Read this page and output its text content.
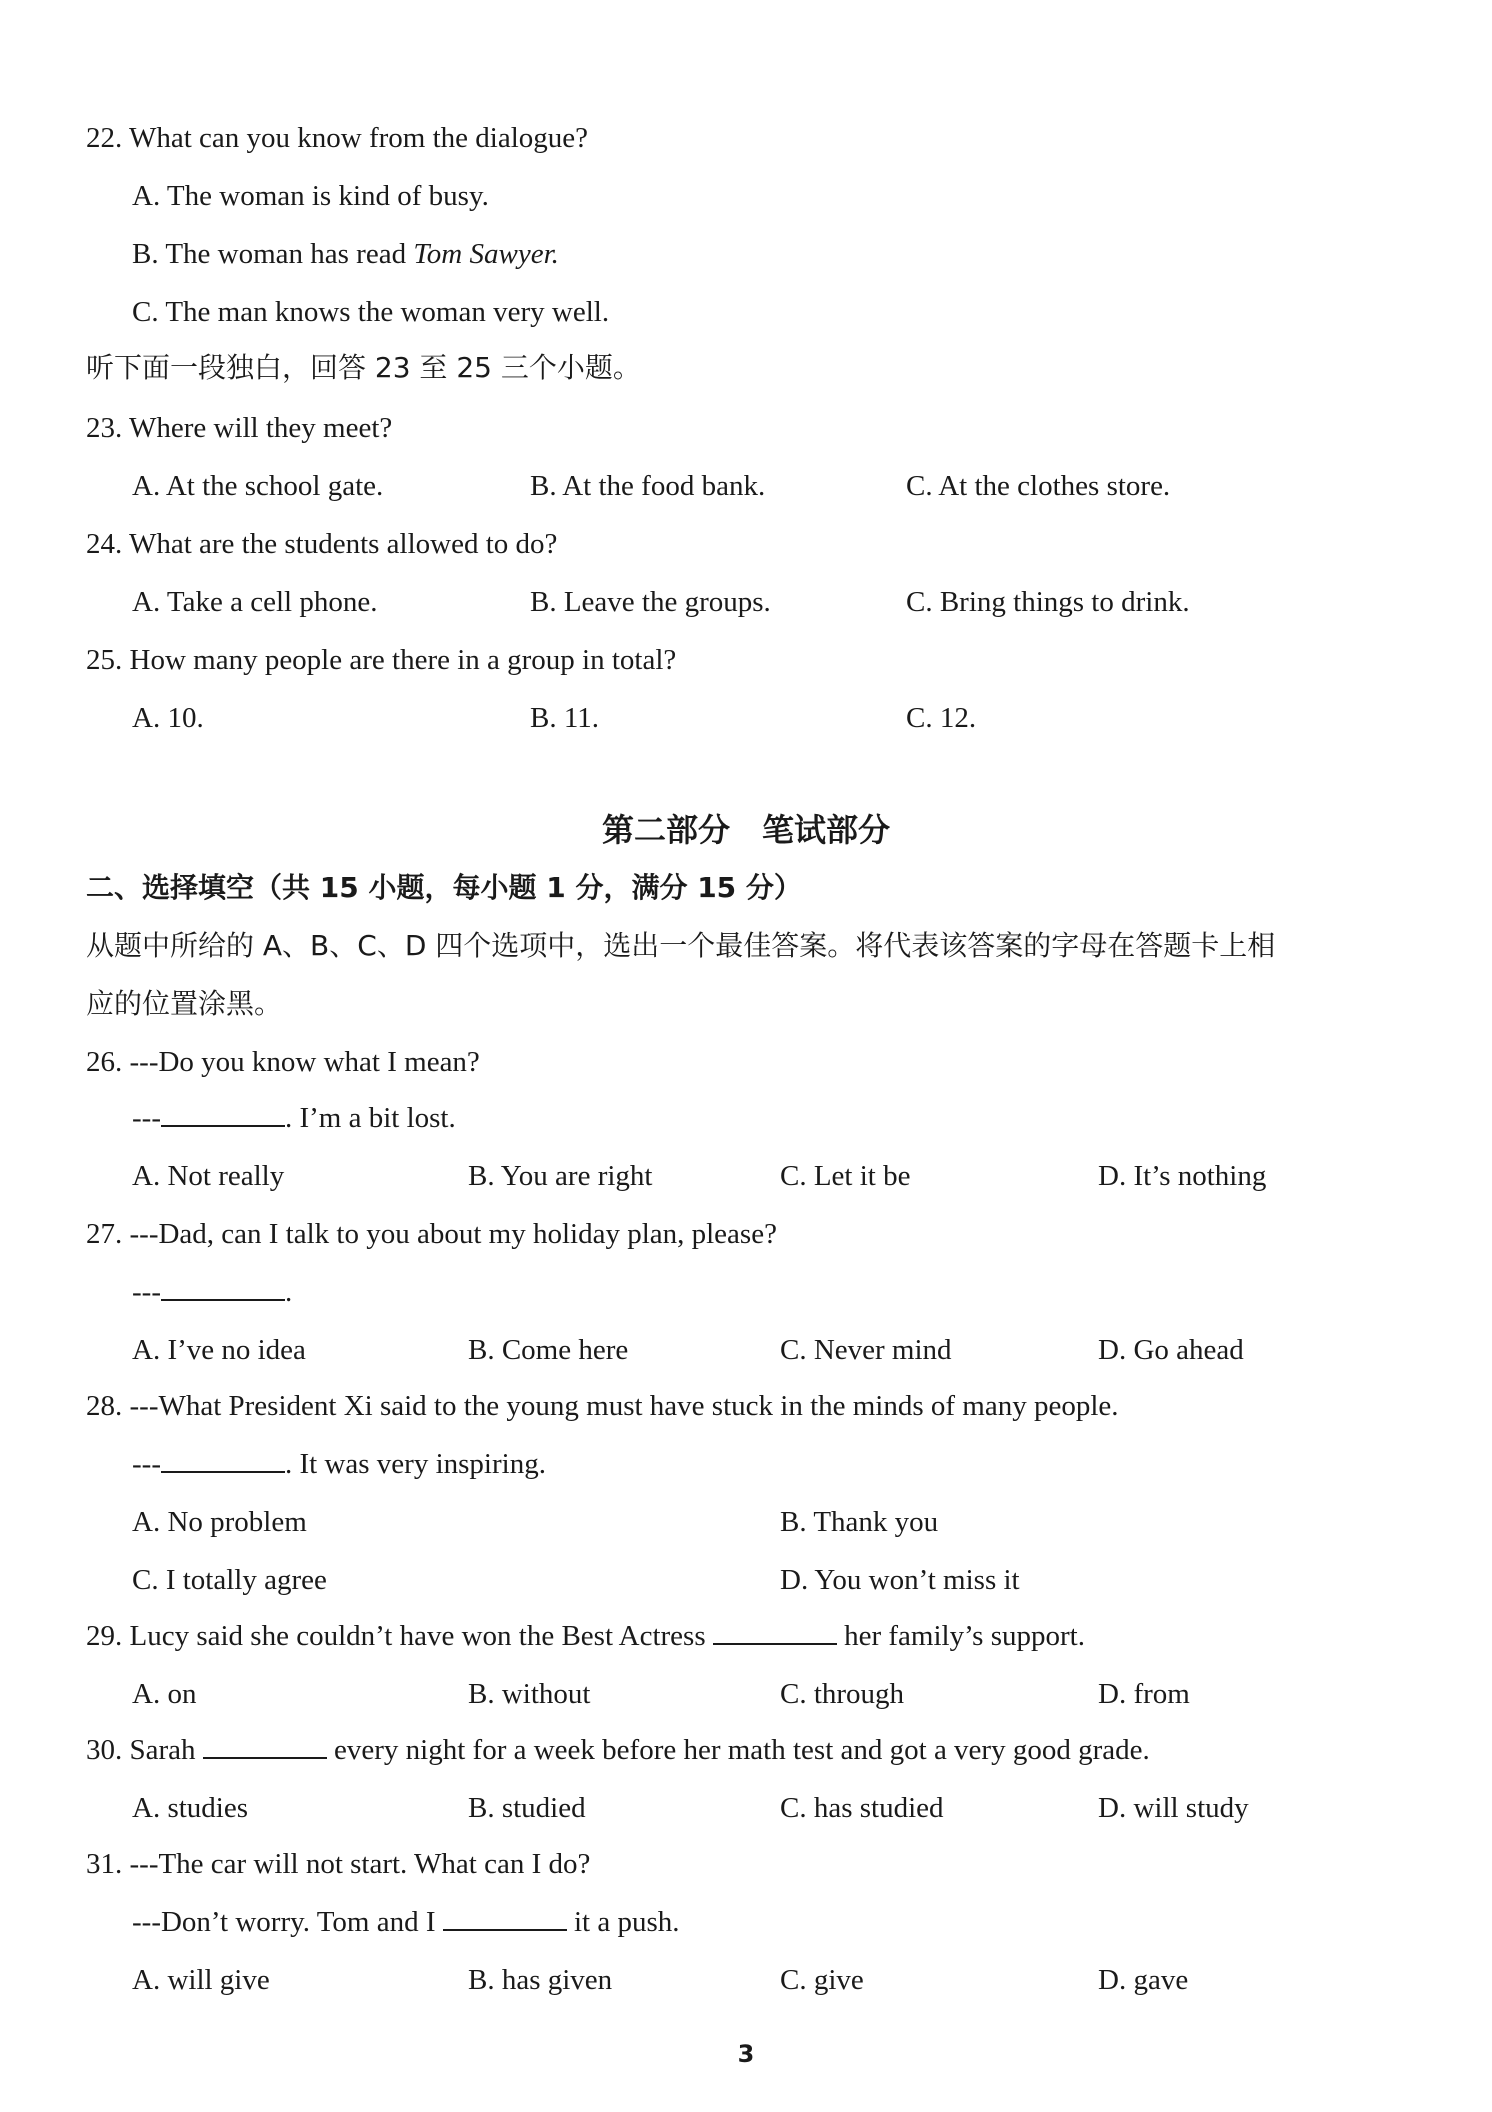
22. What can you know from the dialogue?
A. The woman is kind of busy.
B. The woman has read Tom Sawyer.
C. The man knows the woman very well.
听下面一段独白，回答 23 至 25 三个小题。
23. Where will they meet?
A. At the school gate.	B. At the food bank.	C. At the clothes store.
24. What are the students allowed to do?
A. Take a cell phone.	B. Leave the groups.	C. Bring things to drink.
25. How many people are there in a group in total?
A. 10.	B. 11.	C. 12.
第二部分　笔试部分
二、选择填空（共 15 小题，每小题 1 分，满分 15 分）
从题中所给的 A、B、C、D 四个选项中，选出一个最佳答案。将代表该答案的字母在答题卡上相
应的位置涂黑。
26. ---Do you know what I mean?
---	. I’m a bit lost.
A. Not really	B. You are right	C. Let it be	D. It’s nothing
27. ---Dad, can I talk to you about my holiday plan, please?
---	.
A. I’ve no idea	B. Come here	C. Never mind	D. Go ahead
28. ---What President Xi said to the young must have stuck in the minds of many people.
---	. It was very inspiring.
A. No problem	B. Thank you
C. I totally agree	D. You won’t miss it
29. Lucy said she couldn’t have won the Best Actress	her family’s support.
A. on	B. without	C. through	D. from
30. Sarah	every night for a week before her math test and got a very good grade.
A. studies	B. studied	C. has studied	D. will study
31. ---The car will not start. What can I do?
---Don’t worry. Tom and I	it a push.
A. will give	B. has given	C. give	D. gave
3
